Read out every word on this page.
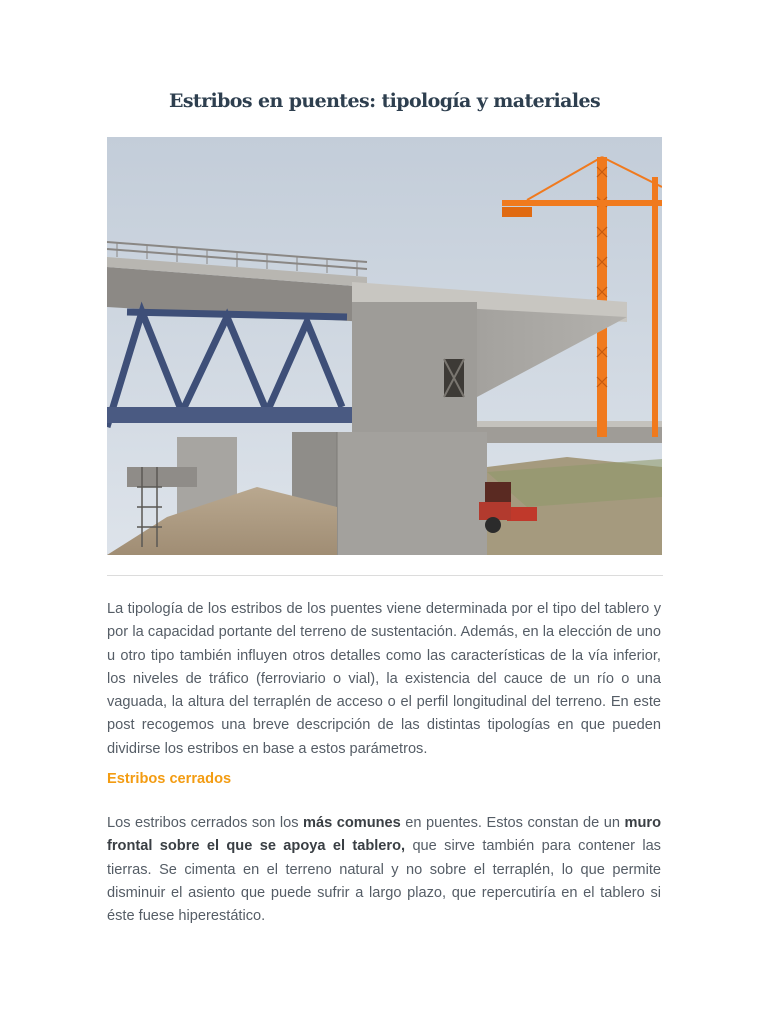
Estribos en puentes: tipología y materiales

La tipología de los estribos de los puentes viene determinada por el tipo del tablero y por la capacidad portante del terreno de sustentación. Además, en la elección de uno u otro tipo también influyen otros detalles como las características de la vía inferior, los niveles de tráfico (ferroviario o vial), la existencia del cauce de un río o una vaguada, la altura del terraplén de acceso o el perfil longitudinal del terreno. En este post recogemos una breve descripción de las distintas tipologías en que pueden dividirse los estribos en base a estos parámetros.

Estribos cerrados

Los estribos cerrados son los más comunes en puentes. Estos constan de un muro frontal sobre el que se apoya el tablero, que sirve también para contener las tierras. Se cimenta en el terreno natural y no sobre el terraplén, lo que permite disminuir el asiento que puede sufrir a largo plazo, que repercutiría en el tablero si éste fuese hiperestático.
